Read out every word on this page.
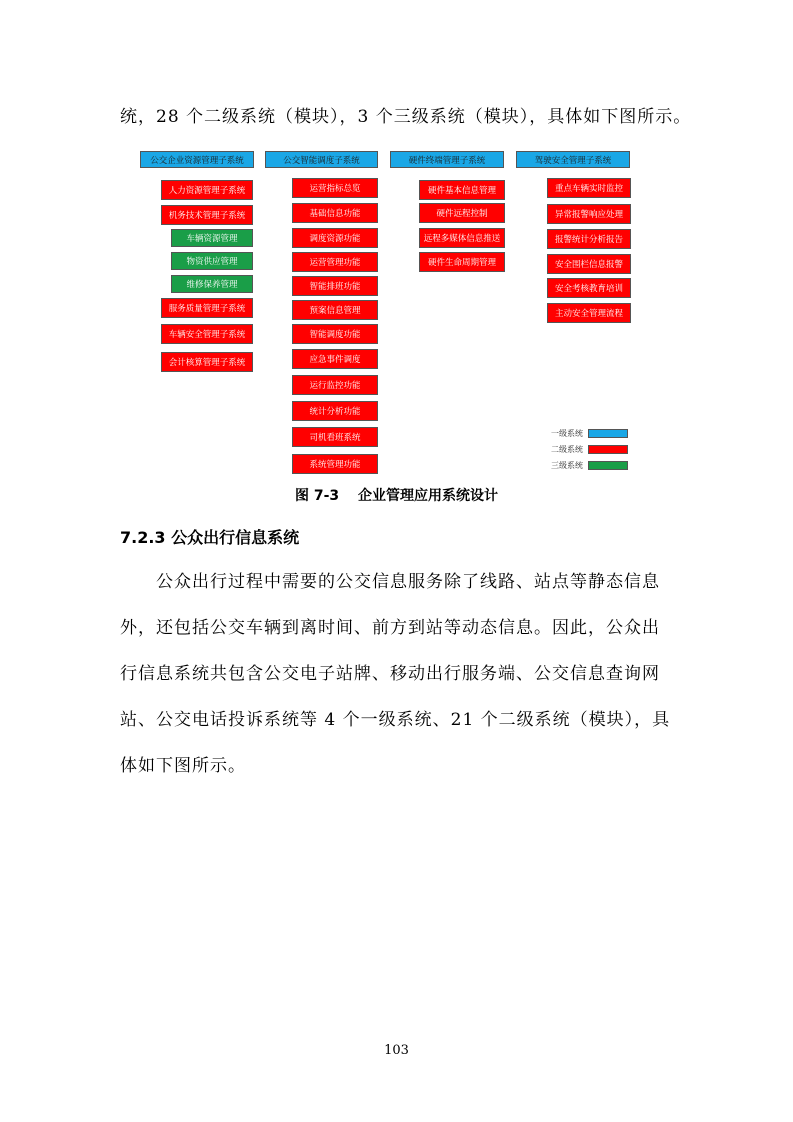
统，28 个二级系统（模块），3 个三级系统（模块），具体如下图所示。
公交企业资源管理子系统
人力资源管理子系统
机务技术管理子系统
车辆资源管理
物资供应管理
维修保养管理
服务质量管理子系统
车辆安全管理子系统
会计核算管理子系统
公交智能调度子系统
运营指标总览
基础信息功能
调度资源功能
运营管理功能
智能排班功能
预案信息管理
智能调度功能
应急事件调度
运行监控功能
统计分析功能
司机看班系统
系统管理功能
硬件终端管理子系统
硬件基本信息管理
硬件远程控制
远程多媒体信息推送
硬件生命周期管理
驾驶安全管理子系统
重点车辆实时监控
异常报警响应处理
报警统计分析报告
安全围栏信息报警
安全考核教育培训
主动安全管理流程
一级系统
二级系统
三级系统
图 7-3　 企业管理应用系统设计
7.2.3 公众出行信息系统
　　公众出行过程中需要的公交信息服务除了线路、站点等静态信息
外，还包括公交车辆到离时间、前方到站等动态信息。因此，公众出
行信息系统共包含公交电子站牌、移动出行服务端、公交信息查询网
站、公交电话投诉系统等 4 个一级系统、21 个二级系统（模块），具
体如下图所示。
103
